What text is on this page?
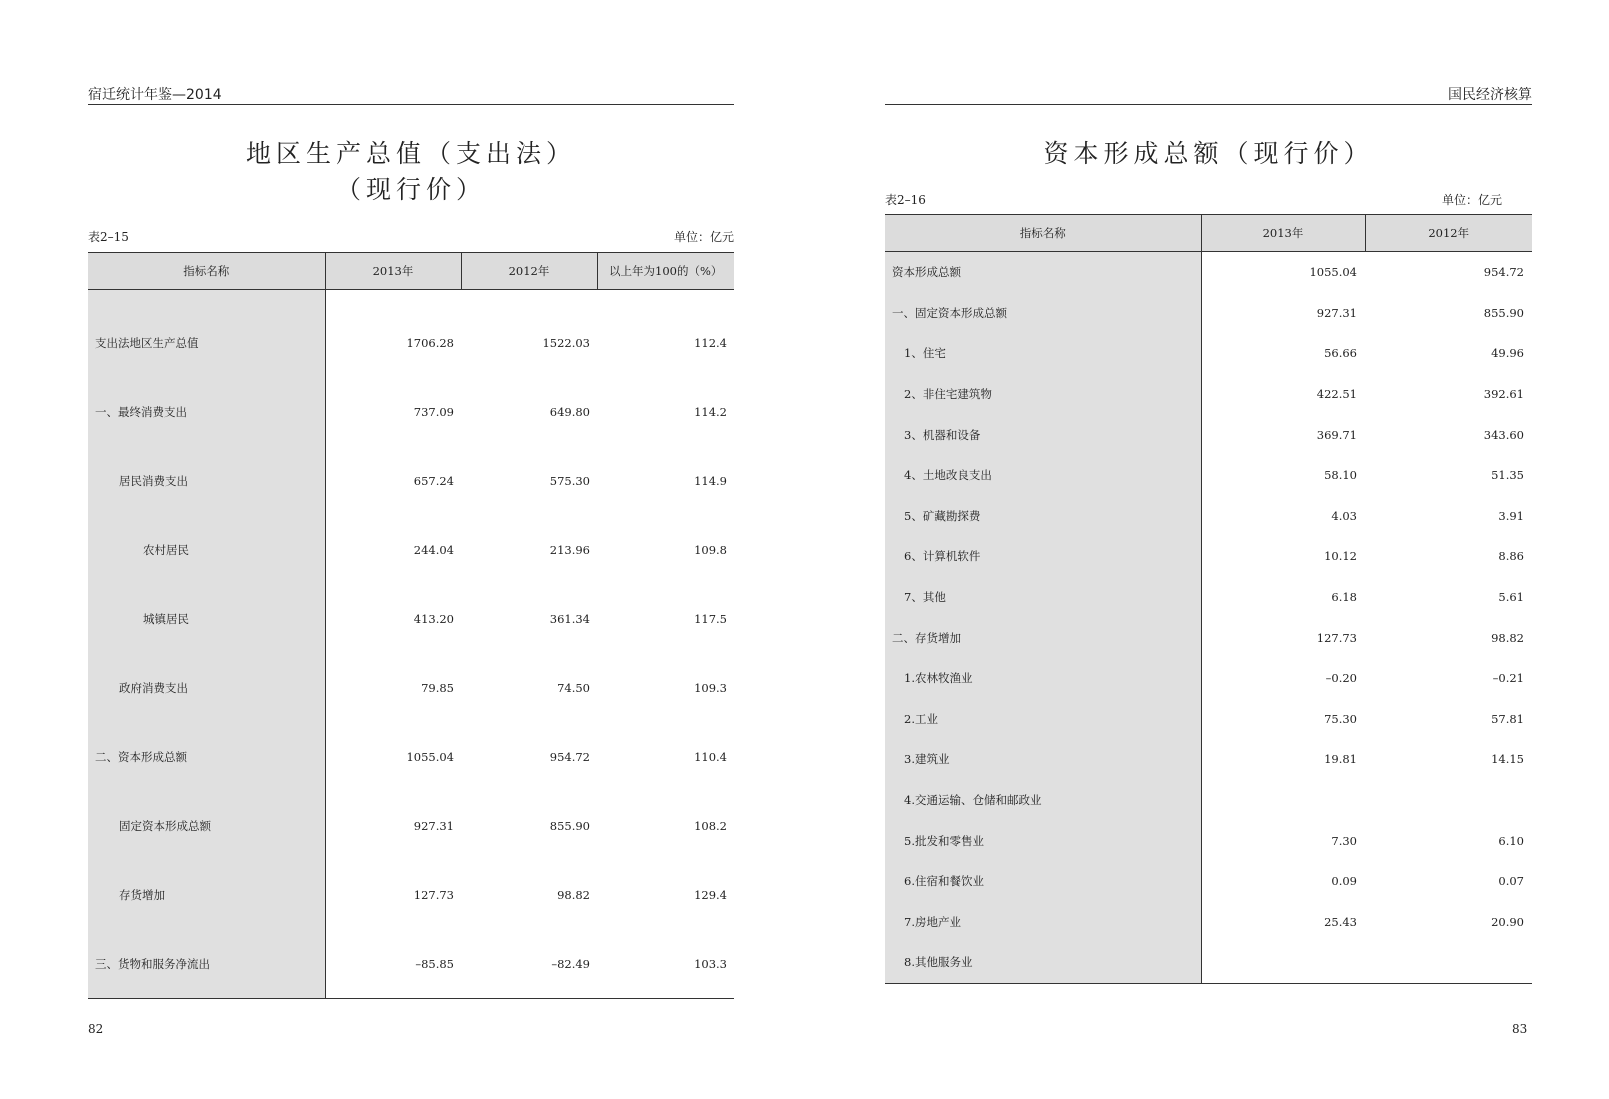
宿迁统计年鉴—2014
地区生产总值（支出法）
（现行价）
表2–15	单位：亿元
指标名称	2013年	2012年	以上年为100的（%）
支出法地区生产总值	1706.28	1522.03	112.4
一、最终消费支出	737.09	649.80	114.2
居民消费支出	657.24	575.30	114.9
农村居民	244.04	213.96	109.8
城镇居民	413.20	361.34	117.5
政府消费支出	79.85	74.50	109.3
二、资本形成总额	1055.04	954.72	110.4
固定资本形成总额	927.31	855.90	108.2
存货增加	127.73	98.82	129.4
三、货物和服务净流出	–85.85	–82.49	103.3
82
国民经济核算
资本形成总额（现行价）
表2–16	单位：亿元
指标名称	2013年	2012年
资本形成总额	1055.04	954.72
一、固定资本形成总额	927.31	855.90
1、住宅	56.66	49.96
2、非住宅建筑物	422.51	392.61
3、机器和设备	369.71	343.60
4、土地改良支出	58.10	51.35
5、矿藏勘探费	4.03	3.91
6、计算机软件	10.12	8.86
7、其他	6.18	5.61
二、存货增加	127.73	98.82
1.农林牧渔业	–0.20	–0.21
2.工业	75.30	57.81
3.建筑业	19.81	14.15
4.交通运输、仓储和邮政业		
5.批发和零售业	7.30	6.10
6.住宿和餐饮业	0.09	0.07
7.房地产业	25.43	20.90
8.其他服务业		
83
